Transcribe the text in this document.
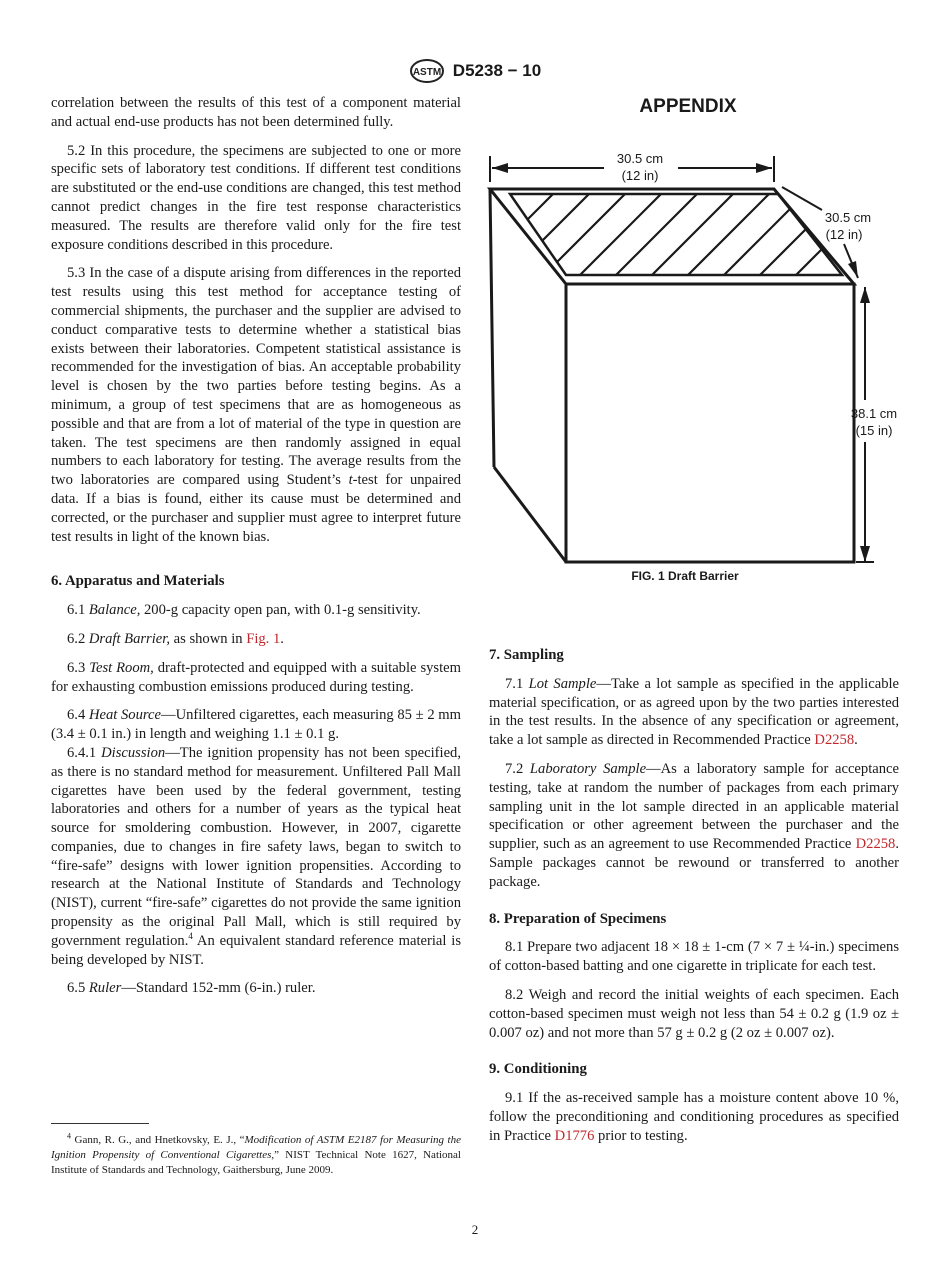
ASTM D5238 − 10

correlation between the results of this test of a component material and actual end-use products has not been determined fully.

5.2 In this procedure, the specimens are subjected to one or more specific sets of laboratory test conditions. If different test conditions are substituted or the end-use conditions are changed, this test method cannot predict changes in the fire test response characteristics measured. The results are therefore valid only for the fire test exposure conditions described in this procedure.

5.3 In the case of a dispute arising from differences in the reported test results using this test method for acceptance testing of commercial shipments, the purchaser and the supplier are advised to conduct comparative tests to determine whether a statistical bias exists between their laboratories. Competent statistical assistance is recommended for the investigation of bias. An acceptable probability level is chosen by the two parties before testing begins. As a minimum, a group of test specimens that are as homogeneous as possible and that are from a lot of material of the type in question are taken. The test specimens are then randomly assigned in equal numbers to each laboratory for testing. The average results from the two laboratories are compared using Student’s t-test for unpaired data. If a bias is found, either its cause must be determined and corrected, or the purchaser and supplier must agree to interpret future test results in light of the known bias.

6. Apparatus and Materials

6.1 Balance, 200-g capacity open pan, with 0.1-g sensitivity.

6.2 Draft Barrier, as shown in Fig. 1.

6.3 Test Room, draft-protected and equipped with a suitable system for exhausting combustion emissions produced during testing.

6.4 Heat Source—Unfiltered cigarettes, each measuring 85 ± 2 mm (3.4 ± 0.1 in.) in length and weighing 1.1 ± 0.1 g.

6.4.1 Discussion—The ignition propensity has not been specified, as there is no standard method for measurement. Unfiltered Pall Mall cigarettes have been used by the federal government, testing laboratories and others for a number of years as the typical heat source for smoldering combustion. However, in 2007, cigarette companies, due to changes in fire safety laws, began to switch to “fire-safe” designs with lower ignition propensities. According to research at the National Institute of Standards and Technology (NIST), current “fire-safe” cigarettes do not provide the same ignition propensity as the original Pall Mall, which is still required by government regulation.$^4$ An equivalent standard reference material is being developed by NIST.

6.5 Ruler—Standard 152-mm (6-in.) ruler.

APPENDIX
30.5 cm
(12 in)
30.5 cm
(12 in)
38.1 cm
(15 in)
FIG. 1 Draft Barrier
7. Sampling

7.1 Lot Sample—Take a lot sample as specified in the applicable material specification, or as agreed upon by the two parties interested in the test results. In the absence of any specification or agreement, take a lot sample as directed in Recommended Practice D2258.

7.2 Laboratory Sample—As a laboratory sample for acceptance testing, take at random the number of packages from each primary sampling unit in the lot sample directed in an applicable material specification or other agreement between the purchaser and the supplier, such as an agreement to use Recommended Practice D2258. Sample packages cannot be rewound or transferred to another package.

8. Preparation of Specimens

8.1 Prepare two adjacent 18 × 18 ± 1-cm (7 × 7 ± ¼-in.) specimens of cotton-based batting and one cigarette in triplicate for each test.

8.2 Weigh and record the initial weights of each specimen. Each cotton-based specimen must weigh not less than 54 ± 0.2 g (1.9 oz ± 0.007 oz) and not more than 57 g ± 0.2 g (2 oz ± 0.007 oz).

9. Conditioning

9.1 If the as-received sample has a moisture content above 10 %, follow the preconditioning and conditioning procedures as specified in Practice D1776 prior to testing.

$^4$ Gann, R. G., and Hnetkovsky, E. J., “Modification of ASTM E2187 for Measuring the Ignition Propensity of Conventional Cigarettes,” NIST Technical Note 1627, National Institute of Standards and Technology, Gaithersburg, June 2009.

2
